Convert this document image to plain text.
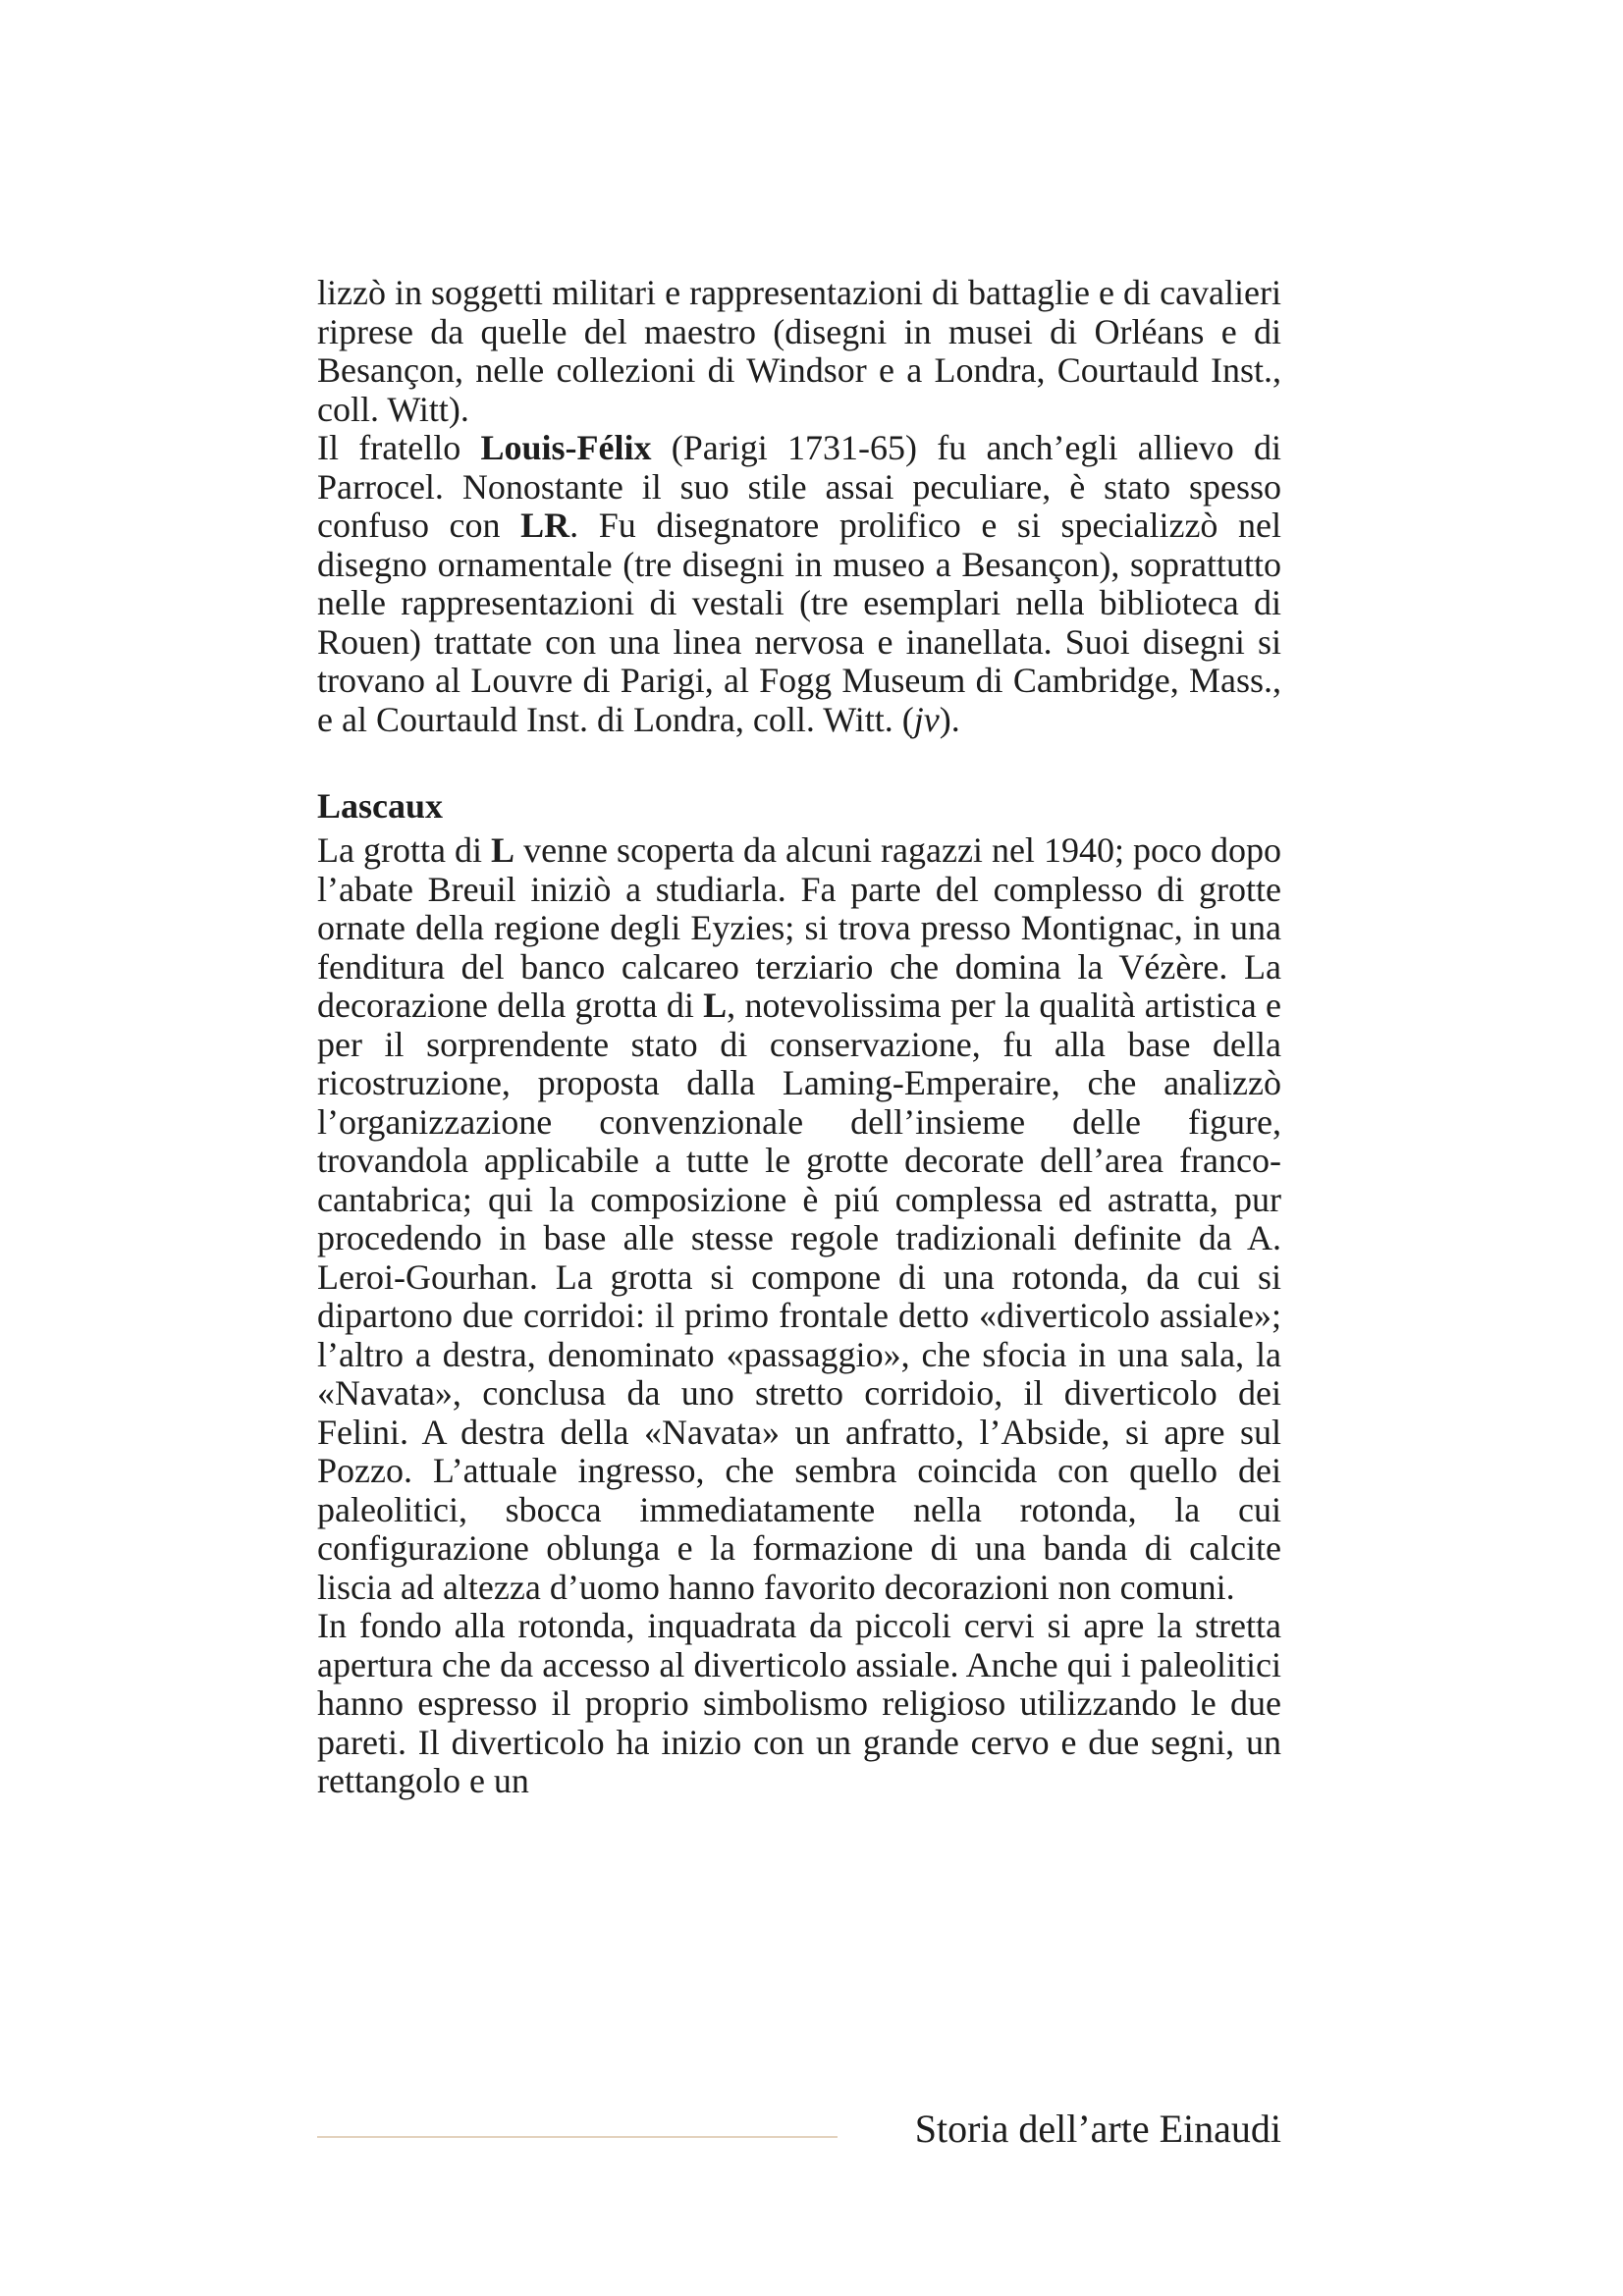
lizzò in soggetti militari e rappresentazioni di battaglie e di cavalieri riprese da quelle del maestro (disegni in musei di Orléans e di Besançon, nelle collezioni di Windsor e a Londra, Courtauld Inst., coll. Witt).

Il fratello Louis-Félix (Parigi 1731-65) fu anch’egli allievo di Parrocel. Nonostante il suo stile assai peculiare, è stato spesso confuso con LR. Fu disegnatore prolifico e si specializzò nel disegno ornamentale (tre disegni in museo a Besançon), soprattutto nelle rappresentazioni di vestali (tre esemplari nella biblioteca di Rouen) trattate con una linea nervosa e inanellata. Suoi disegni si trovano al Louvre di Parigi, al Fogg Museum di Cambridge, Mass., e al Courtauld Inst. di Londra, coll. Witt. (jv).

Lascaux

La grotta di L venne scoperta da alcuni ragazzi nel 1940; poco dopo l’abate Breuil iniziò a studiarla. Fa parte del complesso di grotte ornate della regione degli Eyzies; si trova presso Montignac, in una fenditura del banco calcareo terziario che domina la Vézère. La decorazione della grotta di L, notevolissima per la qualità artistica e per il sorprendente stato di conservazione, fu alla base della ricostruzione, proposta dalla Laming-Emperaire, che analizzò l’organizzazione convenzionale dell’insieme delle figure, trovandola applicabile a tutte le grotte decorate dell’area franco-cantabrica; qui la composizione è piú complessa ed astratta, pur procedendo in base alle stesse regole tradizionali definite da A. Leroi-Gourhan. La grotta si compone di una rotonda, da cui si dipartono due corridoi: il primo frontale detto «diverticolo assiale»; l’altro a destra, denominato «passaggio», che sfocia in una sala, la «Navata», conclusa da uno stretto corridoio, il diverticolo dei Felini. A destra della «Navata» un anfratto, l’Abside, si apre sul Pozzo. L’attuale ingresso, che sembra coincida con quello dei paleolitici, sbocca immediatamente nella rotonda, la cui configurazione oblunga e la formazione di una banda di calcite liscia ad altezza d’uomo hanno favorito decorazioni non comuni.

In fondo alla rotonda, inquadrata da piccoli cervi si apre la stretta apertura che da accesso al diverticolo assiale. Anche qui i paleolitici hanno espresso il proprio simbolismo religioso utilizzando le due pareti. Il diverticolo ha inizio con un grande cervo e due segni, un rettangolo e un

Storia dell’arte Einaudi
